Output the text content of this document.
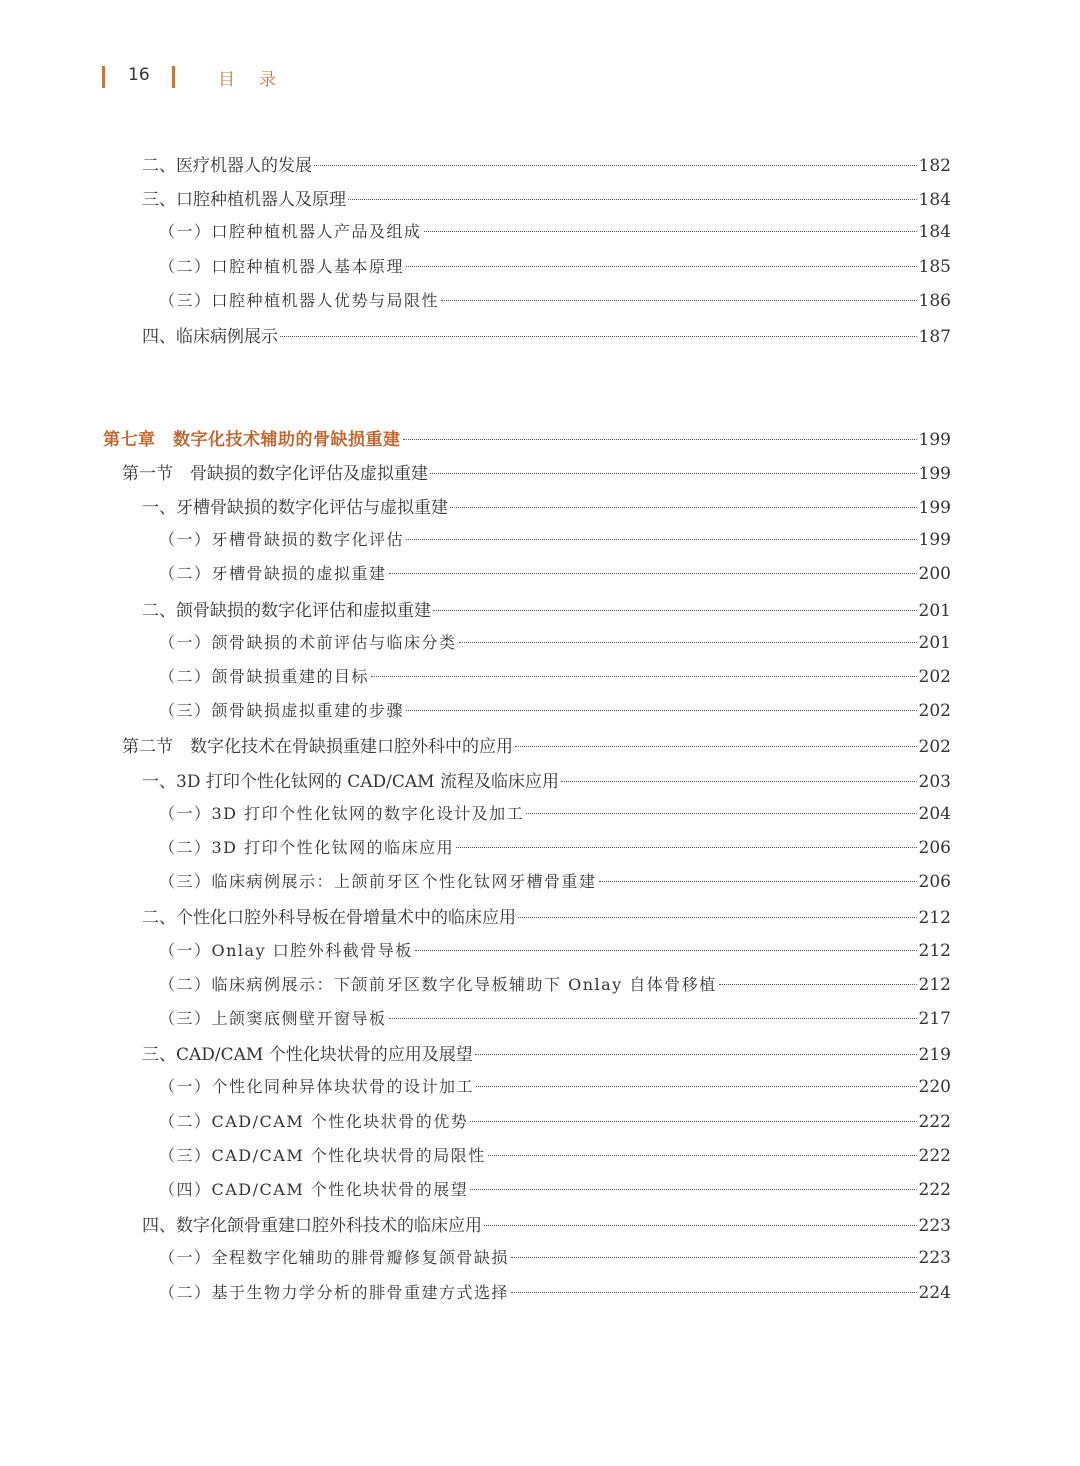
16	目录
二、医疗机器人的发展	182
三、口腔种植机器人及原理	184
（一）口腔种植机器人产品及组成	184
（二）口腔种植机器人基本原理	185
（三）口腔种植机器人优势与局限性	186
四、临床病例展示	187
第七章　数字化技术辅助的骨缺损重建	199
第一节　骨缺损的数字化评估及虚拟重建	199
一、牙槽骨缺损的数字化评估与虚拟重建	199
（一）牙槽骨缺损的数字化评估	199
（二）牙槽骨缺损的虚拟重建	200
二、颌骨缺损的数字化评估和虚拟重建	201
（一）颌骨缺损的术前评估与临床分类	201
（二）颌骨缺损重建的目标	202
（三）颌骨缺损虚拟重建的步骤	202
第二节　数字化技术在骨缺损重建口腔外科中的应用	202
一、3D 打印个性化钛网的 CAD/CAM 流程及临床应用	203
（一）3D 打印个性化钛网的数字化设计及加工	204
（二）3D 打印个性化钛网的临床应用	206
（三）临床病例展示：上颌前牙区个性化钛网牙槽骨重建	206
二、个性化口腔外科导板在骨增量术中的临床应用	212
（一）Onlay 口腔外科截骨导板	212
（二）临床病例展示：下颌前牙区数字化导板辅助下 Onlay 自体骨移植	212
（三）上颌窦底侧壁开窗导板	217
三、CAD/CAM 个性化块状骨的应用及展望	219
（一）个性化同种异体块状骨的设计加工	220
（二）CAD/CAM 个性化块状骨的优势	222
（三）CAD/CAM 个性化块状骨的局限性	222
（四）CAD/CAM 个性化块状骨的展望	222
四、数字化颌骨重建口腔外科技术的临床应用	223
（一）全程数字化辅助的腓骨瓣修复颌骨缺损	223
（二）基于生物力学分析的腓骨重建方式选择	224
